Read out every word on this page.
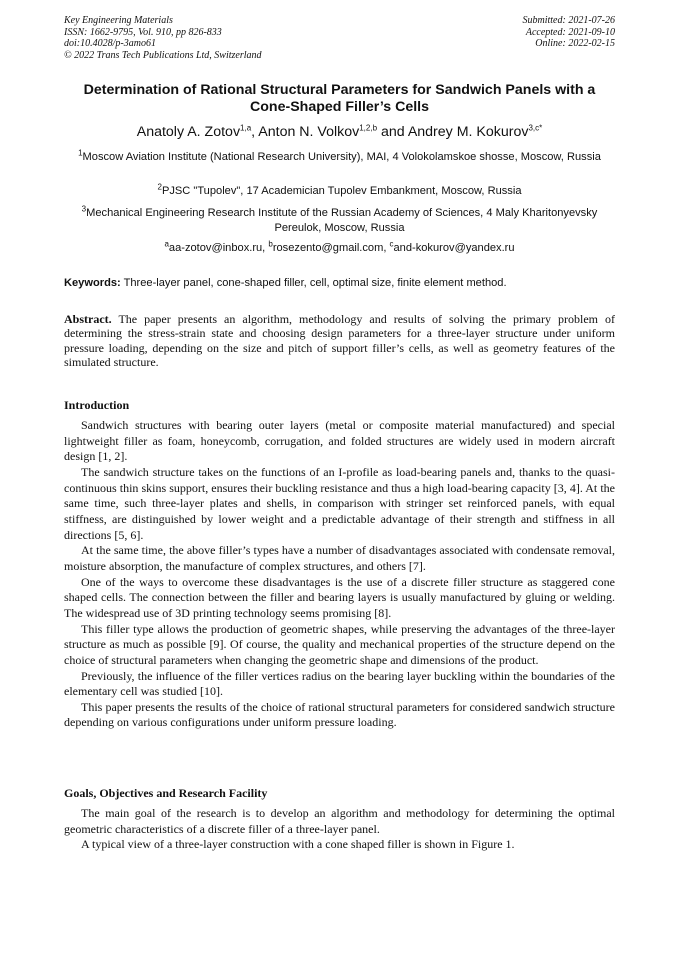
Key Engineering Materials
ISSN: 1662-9795, Vol. 910, pp 826-833
doi:10.4028/p-3amo61
© 2022 Trans Tech Publications Ltd, Switzerland
Submitted: 2021-07-26
Accepted: 2021-09-10
Online: 2022-02-15
Determination of Rational Structural Parameters for Sandwich Panels with a Cone-Shaped Filler’s Cells
Anatoly A. Zotov$^{1,a}$, Anton N. Volkov$^{1,2,b}$ and Andrey M. Kokurov$^{3,c*}$
$^1$Moscow Aviation Institute (National Research University), MAI, 4 Volokolamskoe shosse, Moscow, Russia
$^2$PJSC "Tupolev", 17 Academician Tupolev Embankment, Moscow, Russia
$^3$Mechanical Engineering Research Institute of the Russian Academy of Sciences, 4 Maly Kharitonyevsky Pereulok, Moscow, Russia
$^a$aa-zotov@inbox.ru, $^b$rosezento@gmail.com, $^c$and-kokurov@yandex.ru
Keywords: Three-layer panel, cone-shaped filler, cell, optimal size, finite element method.
Abstract. The paper presents an algorithm, methodology and results of solving the primary problem of determining the stress-strain state and choosing design parameters for a three-layer structure under uniform pressure loading, depending on the size and pitch of support filler’s cells, as well as geometry features of the simulated structure.
Introduction

Sandwich structures with bearing outer layers (metal or composite material manufactured) and special lightweight filler as foam, honeycomb, corrugation, and folded structures are widely used in modern aircraft design [1, 2].

The sandwich structure takes on the functions of an I-profile as load-bearing panels and, thanks to the quasi-continuous thin skins support, ensures their buckling resistance and thus a high load-bearing capacity [3, 4]. At the same time, such three-layer plates and shells, in comparison with stringer set reinforced panels, with equal stiffness, are distinguished by lower weight and a predictable advantage of their strength and stiffness in all directions [5, 6].

At the same time, the above filler’s types have a number of disadvantages associated with condensate removal, moisture absorption, the manufacture of complex structures, and others [7].

One of the ways to overcome these disadvantages is the use of a discrete filler structure as staggered cone shaped cells. The connection between the filler and bearing layers is usually manufactured by gluing or welding. The widespread use of 3D printing technology seems promising [8].

This filler type allows the production of geometric shapes, while preserving the advantages of the three-layer structure as much as possible [9]. Of course, the quality and mechanical properties of the structure depend on the choice of structural parameters when changing the geometric shape and dimensions of the product.

Previously, the influence of the filler vertices radius on the bearing layer buckling within the boundaries of the elementary cell was studied [10].

This paper presents the results of the choice of rational structural parameters for considered sandwich structure depending on various configurations under uniform pressure loading.

Goals, Objectives and Research Facility

The main goal of the research is to develop an algorithm and methodology for determining the optimal geometric characteristics of a discrete filler of a three-layer panel.

A typical view of a three-layer construction with a cone shaped filler is shown in Figure 1.
